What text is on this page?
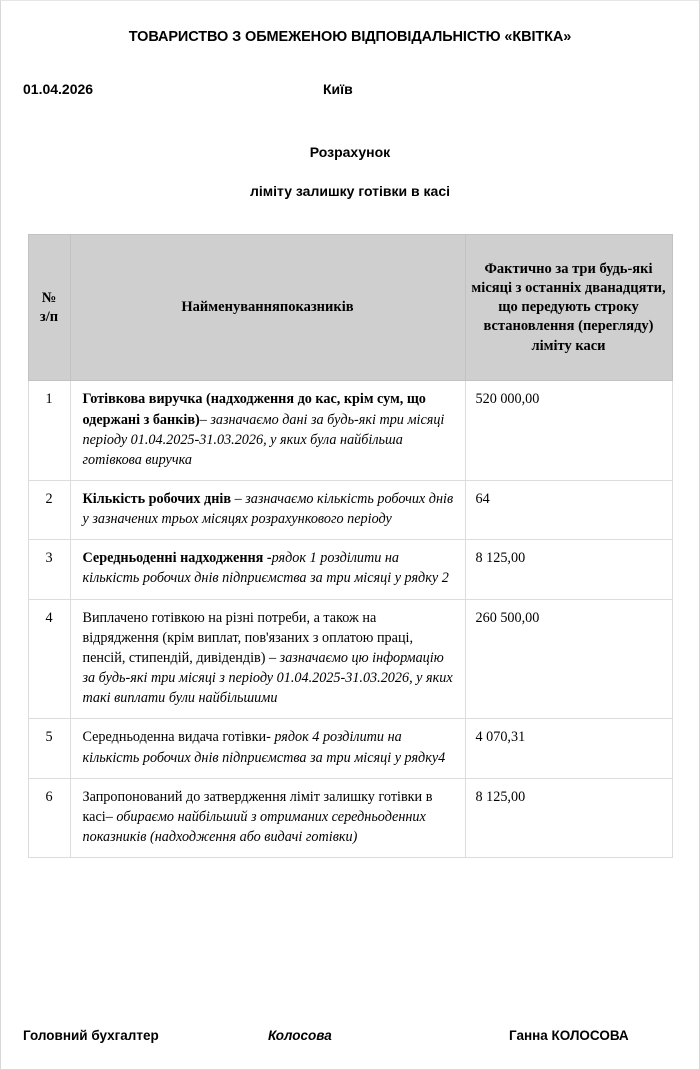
ТОВАРИСТВО З ОБМЕЖЕНОЮ ВІДПОВІДАЛЬНІСТЮ «КВІТКА»
01.04.2026	Київ
Розрахунок
ліміту залишку готівки в касі
№
з/п	Найменуванняпоказників	Фактично за три будь-які місяці з останніх дванадцяти, що передують строку встановлення (перегляду) ліміту каси
1	Готівкова виручка (надходження до кас, крім сум, що одержані з банків)– зазначаємо дані за будь-які три місяці періоду 01.04.2025-31.03.2026, у яких була найбільша готівкова виручка	520 000,00
2	Кількість робочих днів – зазначаємо кількість робочих днів у зазначених трьох місяцях розрахункового періоду	64
3	Середньоденні надходження -рядок 1 розділити на кількість робочих днів підприємства за три місяці у рядку 2	8 125,00
4	Виплачено готівкою на різні потреби, а також на відрядження (крім виплат, пов'язаних з оплатою праці, пенсій, стипендій, дивідендів) – зазначаємо цю інформацію за будь-які три місяці з періоду 01.04.2025-31.03.2026, у яких такі виплати були найбільшими	260 500,00
5	Середньоденна видача готівки- рядок 4 розділити на кількість робочих днів підприємства за три місяці у рядку4	4 070,31
6	Запропонований до затвердження ліміт залишку готівки в касі– обираємо найбільший з отриманих середньоденних показників (надходження або видачі готівки)	8 125,00
Головний бухгалтер	Колосова	Ганна КОЛОСОВА
